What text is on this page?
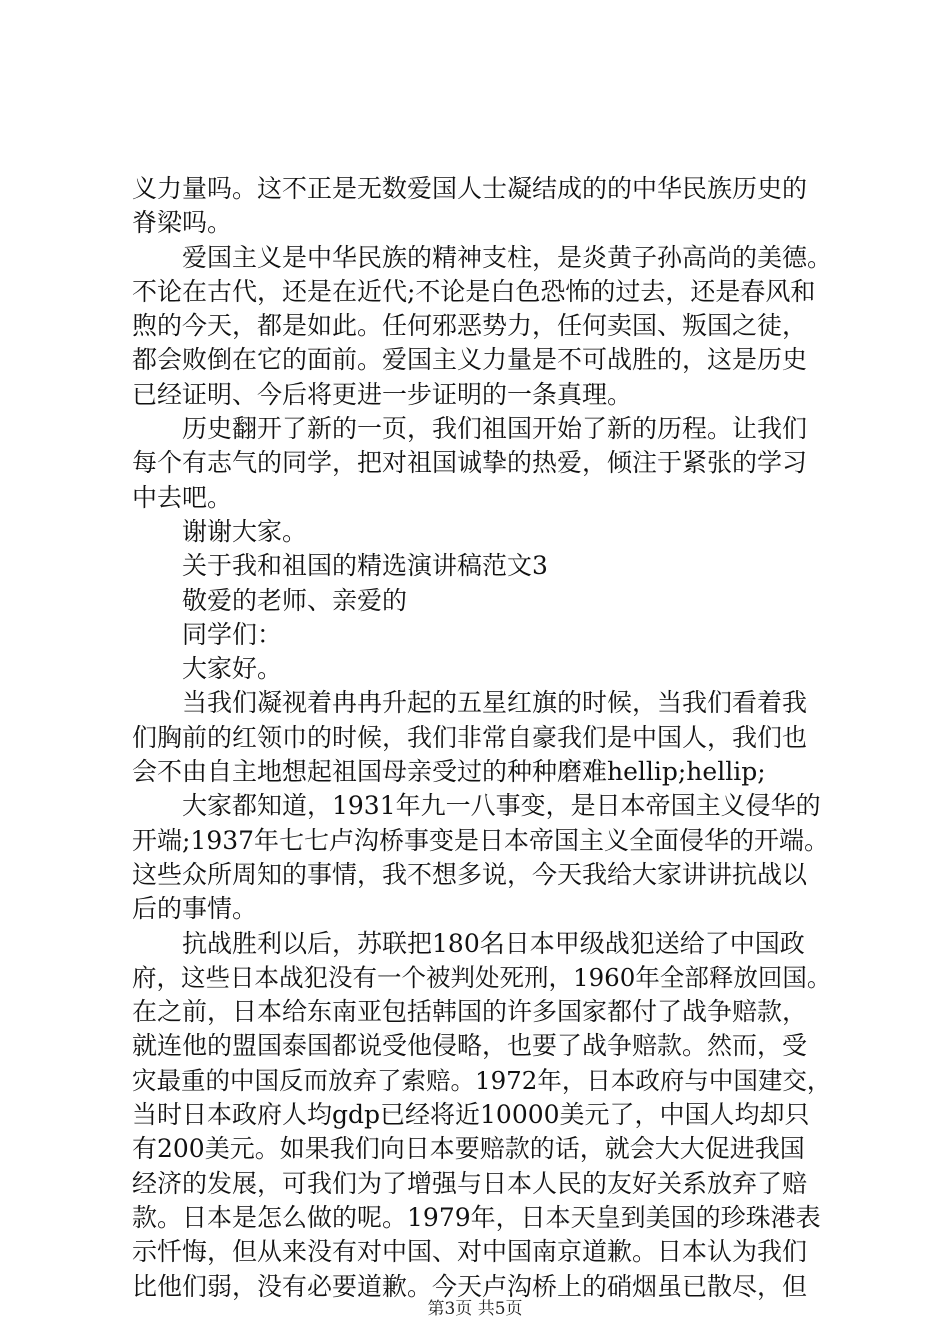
义力量吗。这不正是无数爱国人士凝结成的的中华民族历史的
脊梁吗。
　　爱国主义是中华民族的精神支柱，是炎黄子孙高尚的美德。
不论在古代，还是在近代;不论是白色恐怖的过去，还是春风和
煦的今天，都是如此。任何邪恶势力，任何卖国、叛国之徒，
都会败倒在它的面前。爱国主义力量是不可战胜的，这是历史
已经证明、今后将更进一步证明的一条真理。
　　历史翻开了新的一页，我们祖国开始了新的历程。让我们
每个有志气的同学，把对祖国诚挚的热爱，倾注于紧张的学习
中去吧。
　　谢谢大家。
　　关于我和祖国的精选演讲稿范文3
　　敬爱的老师、亲爱的
　　同学们：
　　大家好。
　　当我们凝视着冉冉升起的五星红旗的时候，当我们看着我
们胸前的红领巾的时候，我们非常自豪我们是中国人，我们也
会不由自主地想起祖国母亲受过的种种磨难hellip;hellip;
　　大家都知道，1931年九一八事变，是日本帝国主义侵华的
开端;1937年七七卢沟桥事变是日本帝国主义全面侵华的开端。
这些众所周知的事情，我不想多说，今天我给大家讲讲抗战以
后的事情。
　　抗战胜利以后，苏联把180名日本甲级战犯送给了中国政
府，这些日本战犯没有一个被判处死刑，1960年全部释放回国。
在之前，日本给东南亚包括韩国的许多国家都付了战争赔款，
就连他的盟国泰国都说受他侵略，也要了战争赔款。然而，受
灾最重的中国反而放弃了索赔。1972年，日本政府与中国建交，
当时日本政府人均gdp已经将近10000美元了，中国人均却只
有200美元。如果我们向日本要赔款的话，就会大大促进我国
经济的发展，可我们为了增强与日本人民的友好关系放弃了赔
款。日本是怎么做的呢。1979年，日本天皇到美国的珍珠港表
示忏悔，但从来没有对中国、对中国南京道歉。日本认为我们
比他们弱，没有必要道歉。今天卢沟桥上的硝烟虽已散尽，但
第3页 共5页
